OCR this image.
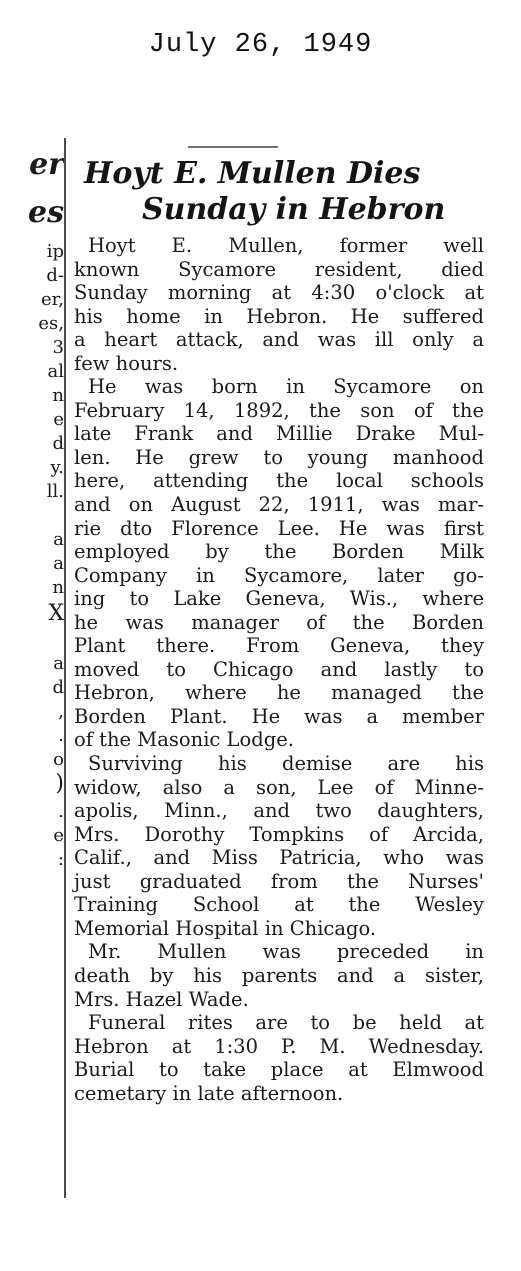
July 26, 1949
er
es
ip
d-
er,
es,
3
al
n
e
d
y.
ll.
a
a
n
X
a
d
,
.
o
)
.
e
:
Hoyt E. Mullen Dies
Sunday in Hebron
Hoyt E. Mullen, former well
known Sycamore resident, died
Sunday morning at 4:30 o'clock at
his home in Hebron. He suffered
a heart attack, and was ill only a
few hours.
He was born in Sycamore on
February 14, 1892, the son of the
late Frank and Millie Drake Mul-
len. He grew to young manhood
here, attending the local schools
and on August 22, 1911, was mar-
rie dto Florence Lee. He was first
employed by the Borden Milk
Company in Sycamore, later go-
ing to Lake Geneva, Wis., where
he was manager of the Borden
Plant there. From Geneva, they
moved to Chicago and lastly to
Hebron, where he managed the
Borden Plant. He was a member
of the Masonic Lodge.
Surviving his demise are his
widow, also a son, Lee of Minne-
apolis, Minn., and two daughters,
Mrs. Dorothy Tompkins of Arcida,
Calif., and Miss Patricia, who was
just graduated from the Nurses'
Training School at the Wesley
Memorial Hospital in Chicago.
Mr. Mullen was preceded in
death by his parents and a sister,
Mrs. Hazel Wade.
Funeral rites are to be held at
Hebron at 1:30 P. M. Wednesday.
Burial to take place at Elmwood
cemetary in late afternoon.
